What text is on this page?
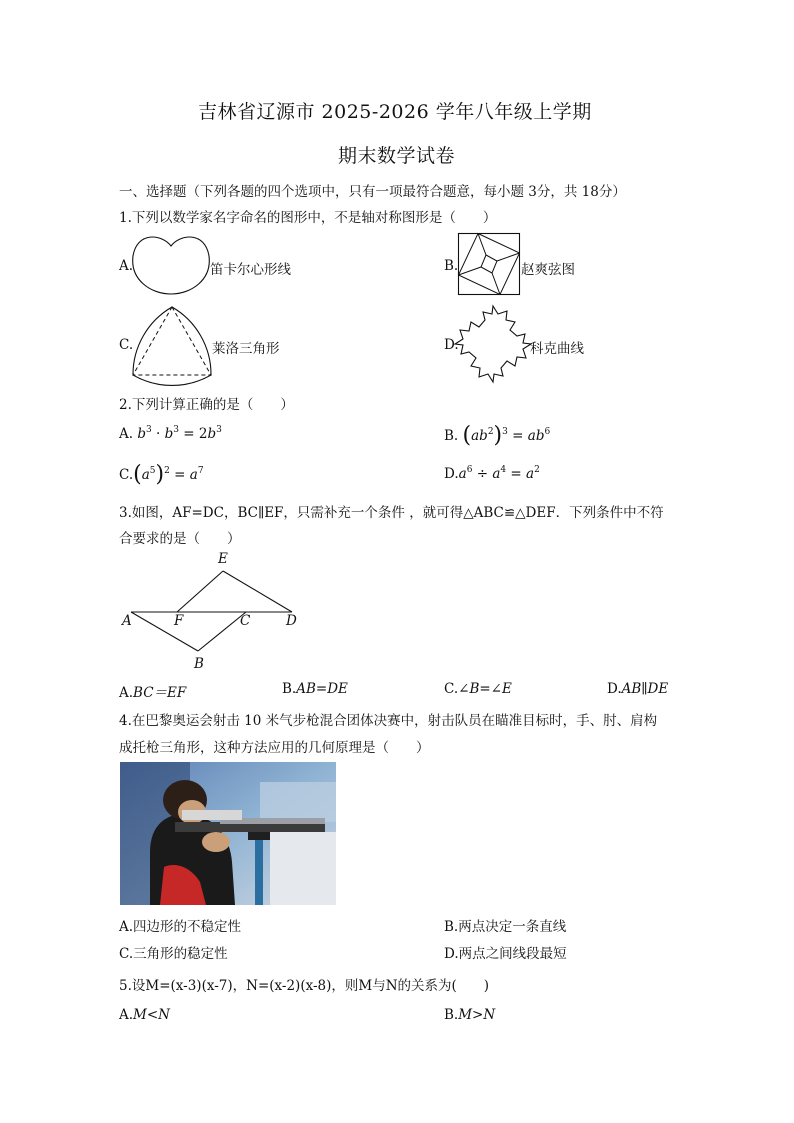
吉林省辽源市 2025-2026 学年八年级上学期
期末数学试卷
一、选择题（下列各题的四个选项中，只有一项最符合题意，每小题 3分，共 18分）
1.下列以数学家名字命名的图形中，不是轴对称图形是（　　）
A.	笛卡尔心形线	B.	赵爽弦图
C.	莱洛三角形	D.	科克曲线
2.下列计算正确的是（　　）
A. $b^3 \cdot b^3 = 2b^3$	B. $(ab^2)^3 = ab^6$
$C.(a^5)^2 = a^7$	$D.a^6 \div a^4 = a^2$
3.如图，AF=DC，BC∥EF，只需补充一个条件 ，就可得△ABC≌△DEF．下列条件中不符
合要求的是（　　）
E
A	F	C	D
B
A.BC＝EF	B.AB=DE	C.∠B=∠E	D.AB∥DE
4.在巴黎奥运会射击 10 米气步枪混合团体决赛中，射击队员在瞄准目标时，手、肘、肩构
成托枪三角形，这种方法应用的几何原理是（　　）
A.四边形的不稳定性	B.两点决定一条直线
C.三角形的稳定性	D.两点之间线段最短
5.设M=(x-3)(x-7)，N=(x-2)(x-8)，则M与N的关系为(　　)
A.M<N	B.M>N
